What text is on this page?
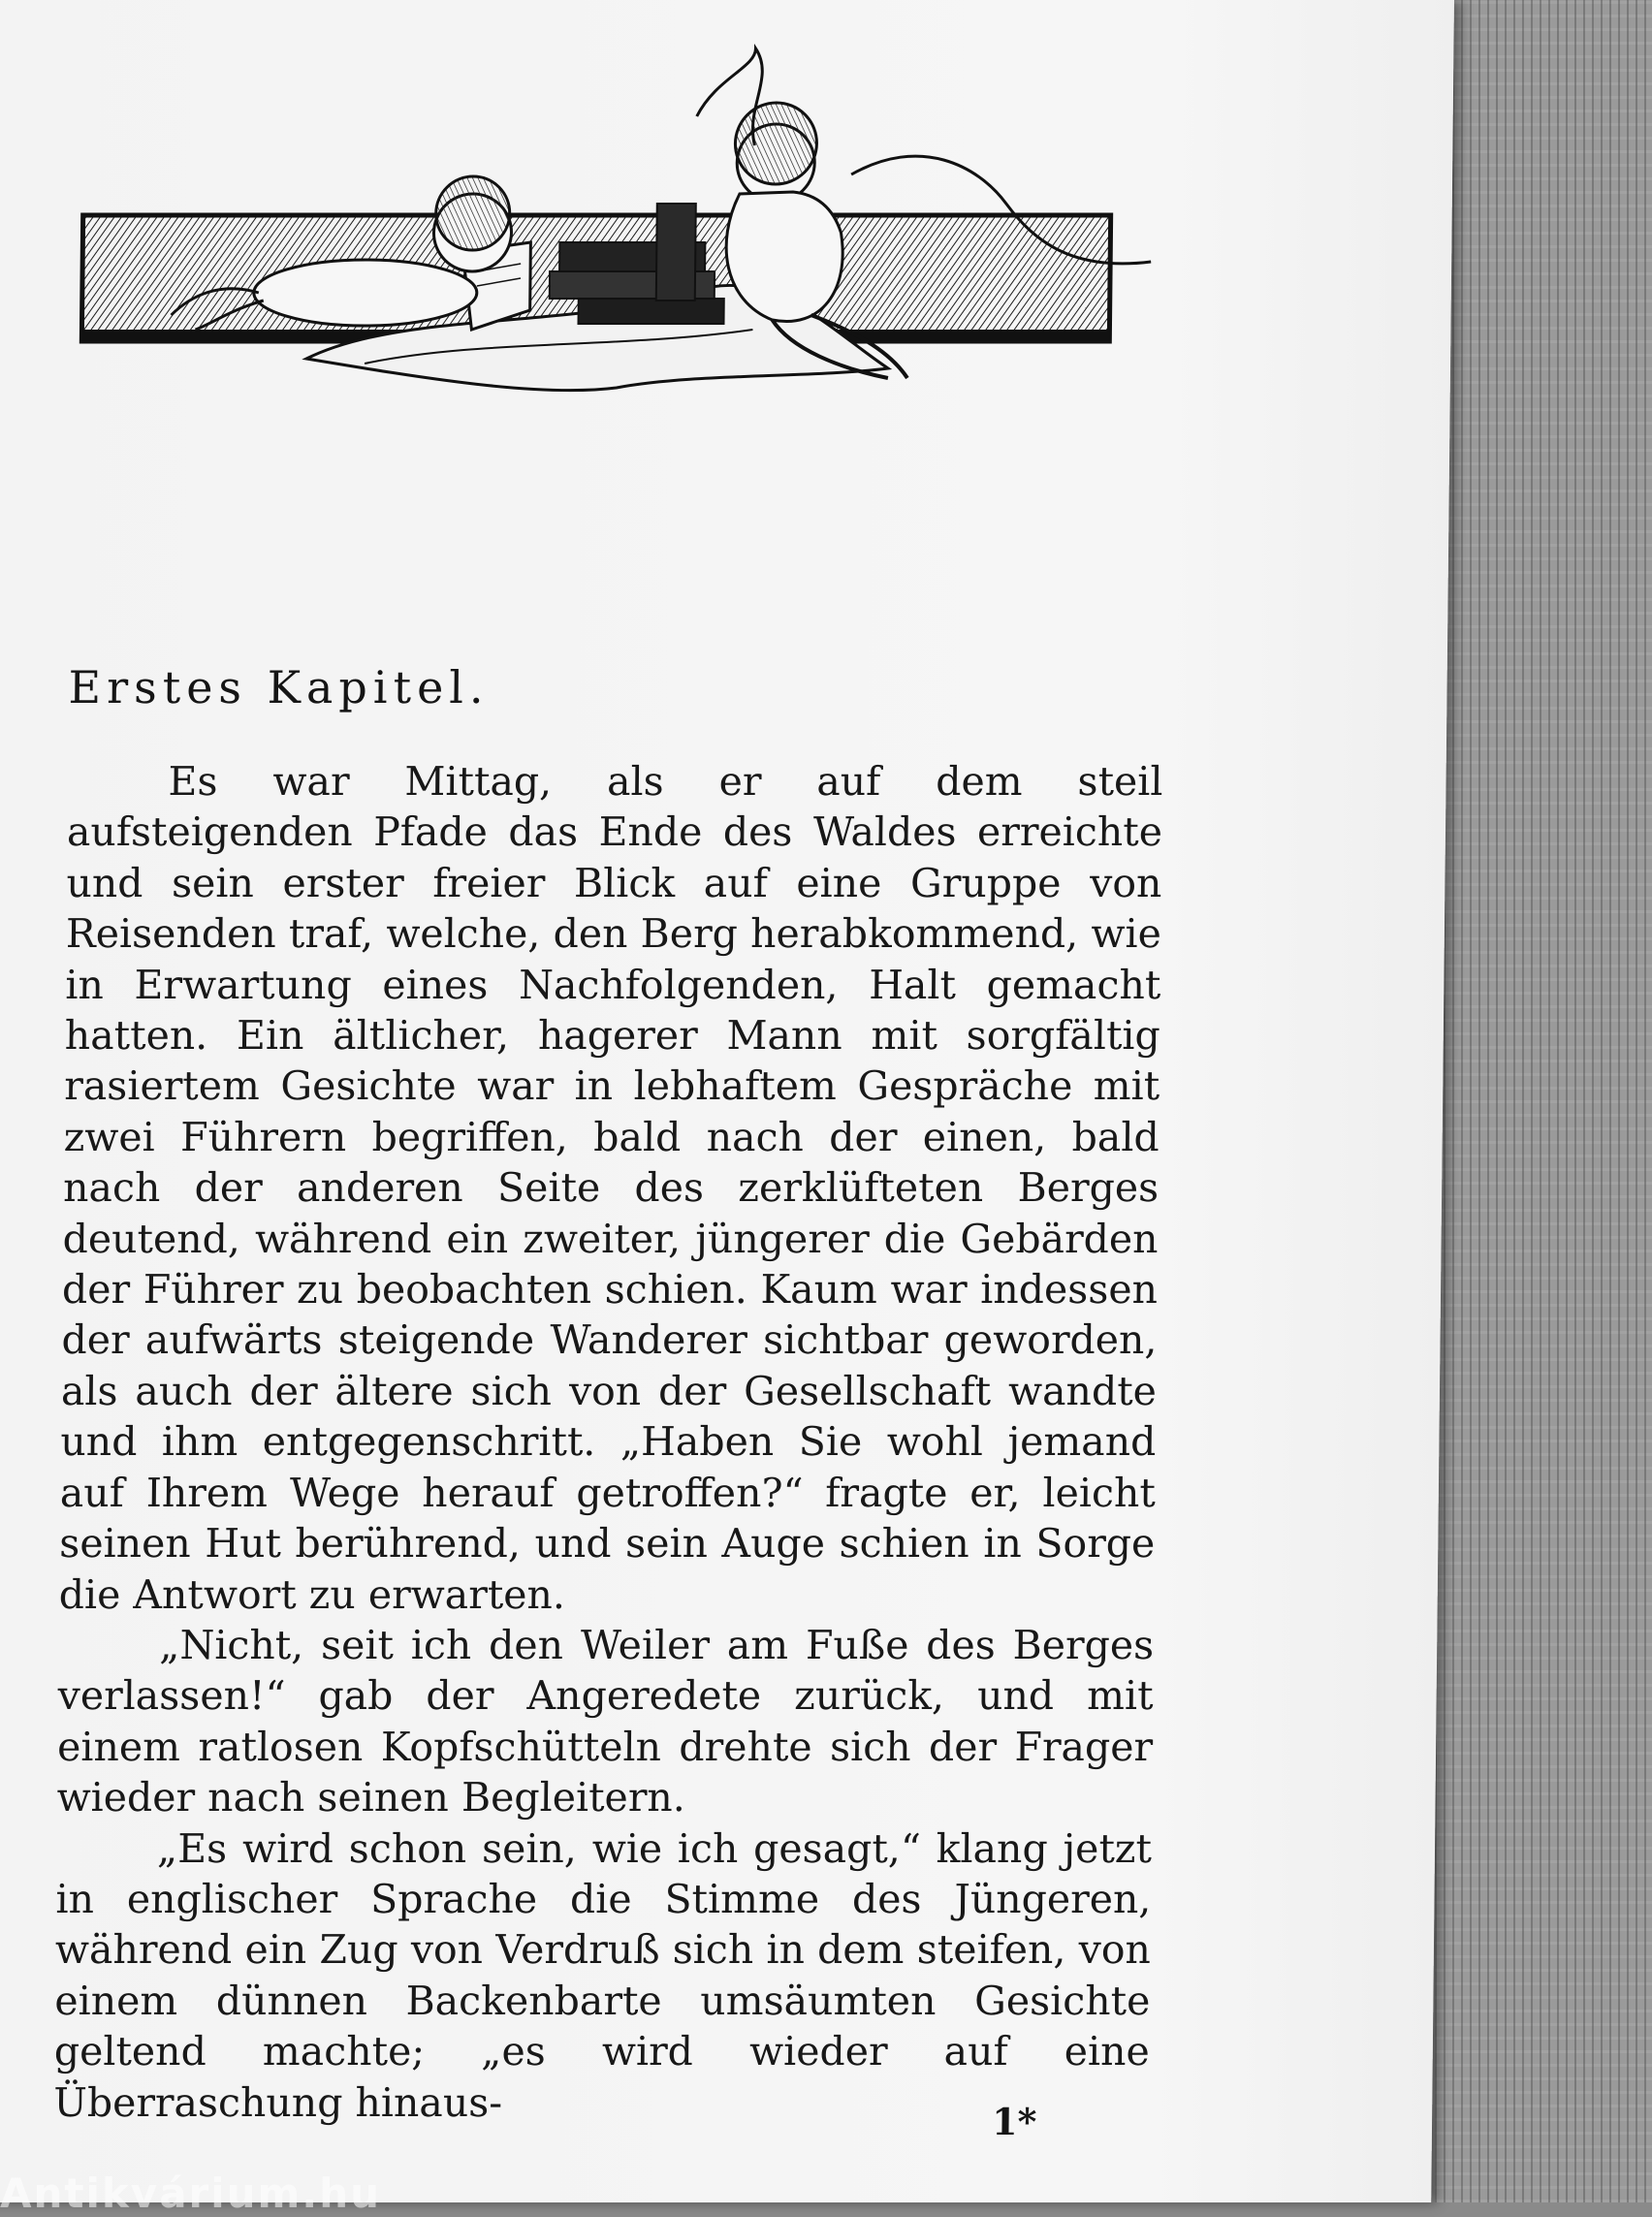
Erstes Kapitel.

Es war Mittag, als er auf dem steil aufsteigenden Pfade das Ende des Waldes erreichte und sein erster freier Blick auf eine Gruppe von Reisenden traf, welche, den Berg herabkommend, wie in Erwartung eines Nachfolgenden, Halt gemacht hatten. Ein ältlicher, hagerer Mann mit sorgfältig rasiertem Gesichte war in lebhaftem Gespräche mit zwei Führern begriffen, bald nach der einen, bald nach der anderen Seite des zerklüfteten Berges deutend, während ein zweiter, jüngerer die Gebärden der Führer zu beobachten schien. Kaum war indessen der aufwärts steigende Wanderer sichtbar geworden, als auch der ältere sich von der Gesellschaft wandte und ihm entgegenschritt. „Haben Sie wohl jemand auf Ihrem Wege herauf getroffen?“ fragte er, leicht seinen Hut berührend, und sein Auge schien in Sorge die Antwort zu erwarten.

„Nicht, seit ich den Weiler am Fuße des Berges verlassen!“ gab der Angeredete zurück, und mit einem ratlosen Kopfschütteln drehte sich der Frager wieder nach seinen Begleitern.

„Es wird schon sein, wie ich gesagt,“ klang jetzt in englischer Sprache die Stimme des Jüngeren, während ein Zug von Verdruß sich in dem steifen, von einem dünnen Backenbarte umsäumten Gesichte geltend machte; „es wird wieder auf eine Überraschung hinaus-	1*
Antikvárium.hu
